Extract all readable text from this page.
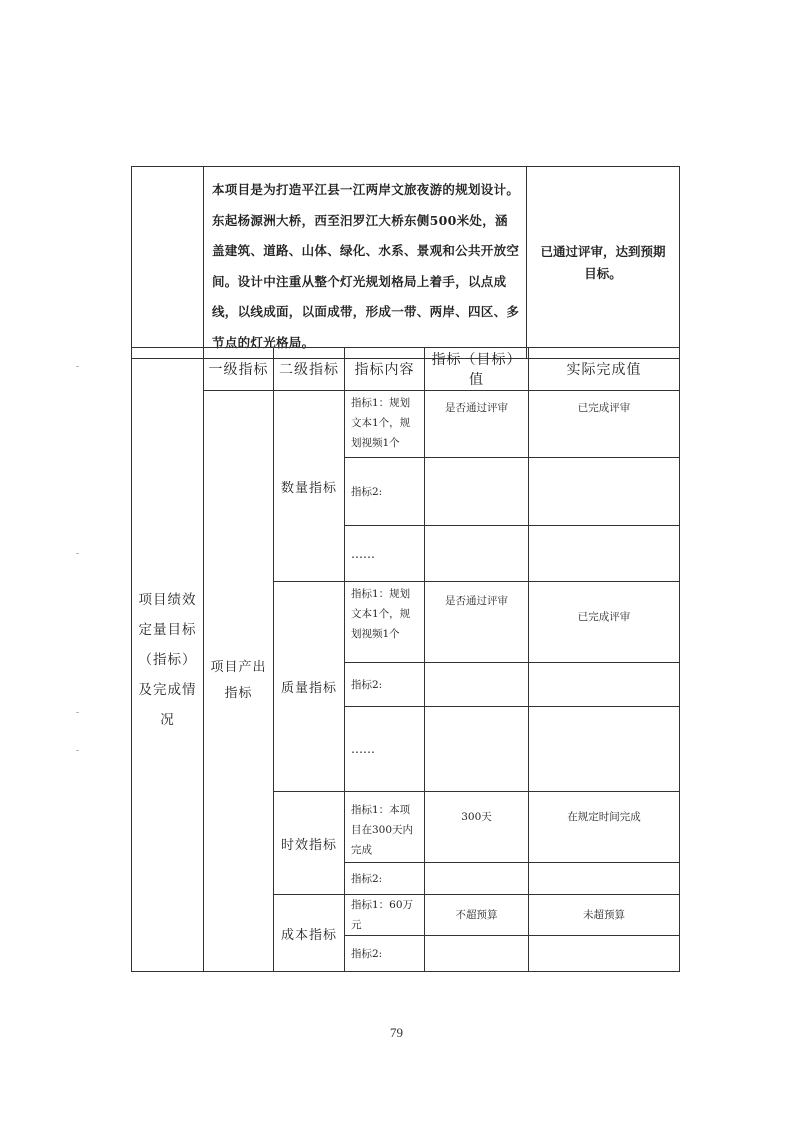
	本项目是为打造平江县一江两岸文旅夜游的规划设计。东起杨源洲大桥，西至汨罗江大桥东侧500米处，涵盖建筑、道路、山体、绿化、水系、景观和公共开放空间。设计中注重从整个灯光规划格局上着手，以点成线，以线成面，以面成带，形成一带、两岸、四区、多节点的灯光格局。	已通过评审，达到预期目标。
项目绩效定量目标（指标）及完成情况	一级指标	二级指标	指标内容	指标（目标）值	实际完成值
	项目产出指标	数量指标	指标1：规划文本1个，规划视频1个	是否通过评审	已完成评审
			指标2:		
			……		
		质量指标	指标1：规划文本1个，规划视频1个	是否通过评审	已完成评审
			指标2:		
			……		
		时效指标	指标1：本项目在300天内完成	300天	在规定时间完成
			指标2:		
		成本指标	指标1：60万元	不超预算	未超预算
			指标2:		
79
